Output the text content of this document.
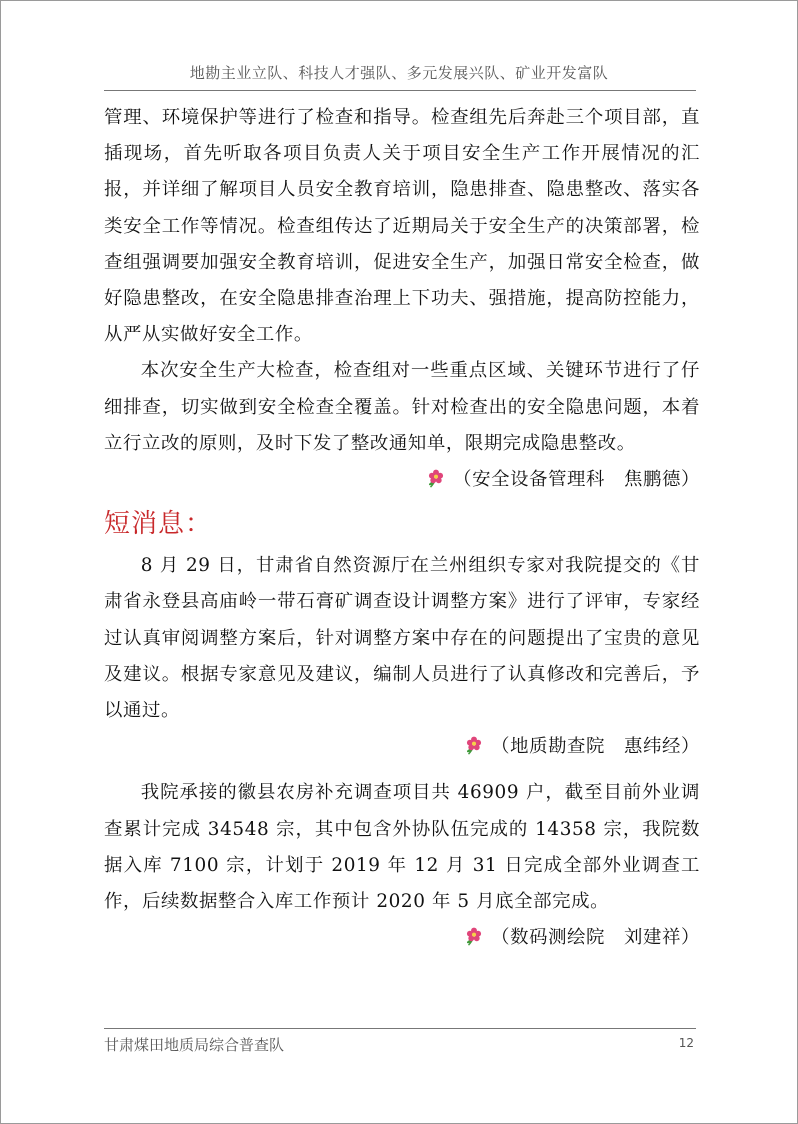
地勘主业立队、科技人才强队、多元发展兴队、矿业开发富队

管理、环境保护等进行了检查和指导。检查组先后奔赴三个项目部，直插现场，首先听取各项目负责人关于项目安全生产工作开展情况的汇报，并详细了解项目人员安全教育培训，隐患排查、隐患整改、落实各类安全工作等情况。检查组传达了近期局关于安全生产的决策部署，检查组强调要加强安全教育培训，促进安全生产，加强日常安全检查，做好隐患整改，在安全隐患排查治理上下功夫、强措施，提高防控能力，从严从实做好安全工作。

本次安全生产大检查，检查组对一些重点区域、关键环节进行了仔细排查，切实做到安全检查全覆盖。针对检查出的安全隐患问题，本着立行立改的原则，及时下发了整改通知单，限期完成隐患整改。

（安全设备管理科　焦鹏德）

短消息：

8 月 29 日，甘肃省自然资源厅在兰州组织专家对我院提交的《甘肃省永登县高庙岭一带石膏矿调查设计调整方案》进行了评审，专家经过认真审阅调整方案后，针对调整方案中存在的问题提出了宝贵的意见及建议。根据专家意见及建议，编制人员进行了认真修改和完善后，予以通过。

（地质勘查院　惠纬经）

我院承接的徽县农房补充调查项目共 46909 户，截至目前外业调查累计完成 34548 宗，其中包含外协队伍完成的 14358 宗，我院数据入库 7100 宗，计划于 2019 年 12 月 31 日完成全部外业调查工作，后续数据整合入库工作预计 2020 年 5 月底全部完成。

（数码测绘院　刘建祥）

甘肃煤田地质局综合普查队	12
